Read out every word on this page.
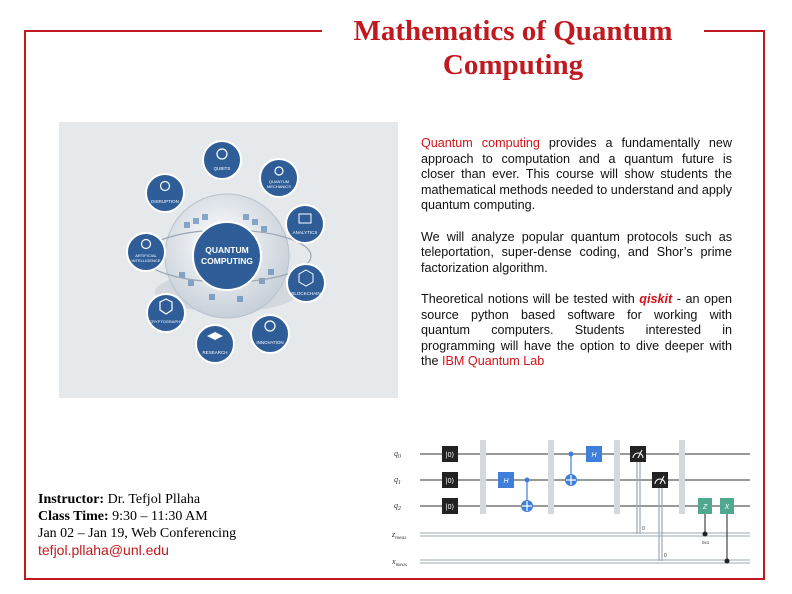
Mathematics of Quantum Computing
QUANTUM
COMPUTING
QUBITS
QUANTUM
MECHANICS
ANALYTICS
BLOCKCHAIN
INNOVATION
RESEARCH
CRYPTOGRAPHY
ARTIFICIAL
INTELLIGENCE
DISRUPTION

Quantum computing provides a fundamentally new approach to computation and a quantum future is closer than ever. This course will show students the mathematical methods needed to understand and apply quantum computing.

We will analyze popular quantum protocols such as teleportation, super-dense coding, and Shor’s prime factorization algorithm.

Theoretical notions will be tested with qiskit - an open source python based software for working with quantum computers. Students interested in programming will have the option to dive deeper with the IBM Quantum Lab

$q_0$
$q_1$
$q_2$
$z_{meas}$
$x_{meas}$
|0⟩
|0⟩
|0⟩
H
H
0
0
Z
0x1
X
Instructor: Dr. Tefjol Pllaha
Class Time: 9:30 – 11:30 AM
Jan 02 – Jan 19, Web Conferencing
tefjol.pllaha@unl.edu
